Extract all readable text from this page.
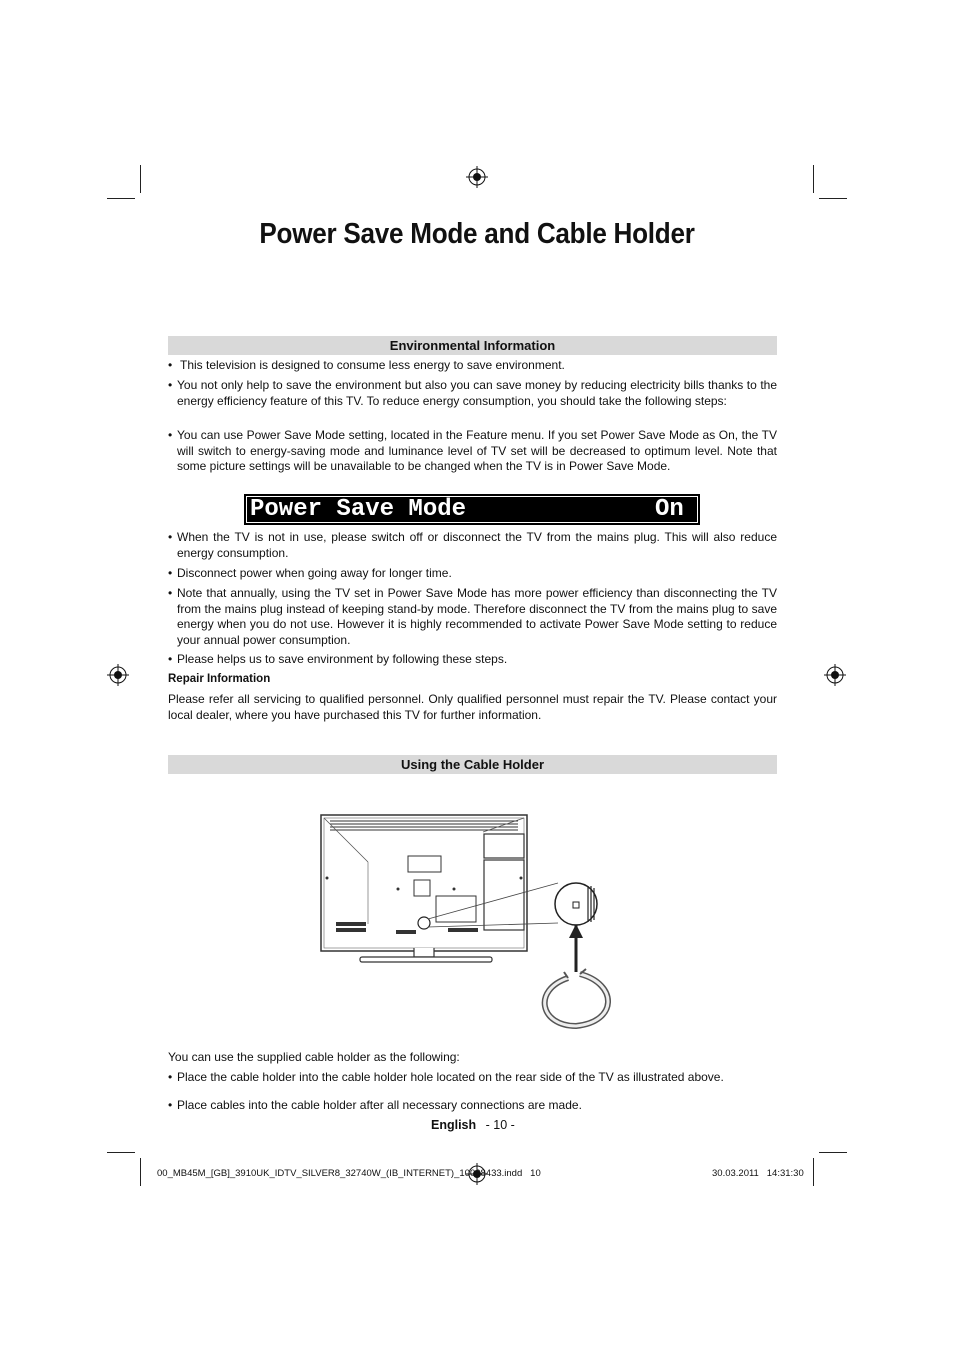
Power Save Mode and Cable Holder
Environmental Information
• This television is designed to consume less energy to save environment.
• You not only help to save the environment but also you can save money by reducing electricity bills thanks to the energy efficiency feature of this TV. To reduce energy consumption, you should take the following steps:
• You can use Power Save Mode setting, located in the Feature menu. If you set Power Save Mode as On, the TV will switch to energy-saving mode and luminance level of TV set will be decreased to optimum level. Note that some picture settings will be unavailable to be changed when the TV is in Power Save Mode.
Power Save Mode	On
• When the TV is not in use, please switch off or disconnect the TV from the mains plug. This will also reduce energy consumption.
• Disconnect power when going away for longer time.
• Note that annually, using the TV set in Power Save Mode has more power efficiency than disconnecting the TV from the mains plug instead of keeping stand-by mode. Therefore disconnect the TV from the mains plug to save energy when you do not use. However it is highly recommended to activate Power Save Mode setting to reduce your annual power consumption.
• Please helps us to save environment by following these steps.
Repair Information
Please refer all servicing to qualified personnel. Only qualified personnel must repair the TV. Please contact your local dealer, where you have purchased this TV for further information.
Using the Cable Holder
You can use the supplied cable holder as the following:
• Place the cable holder into the cable holder hole located on the rear side of the TV as illustrated above.
• Place cables into the cable holder after all necessary connections are made.
English - 10 -
00_MB45M_[GB]_3910UK_IDTV_SILVER8_32740W_(IB_INTERNET)_10068433.indd   10	30.03.2011   14:31:30
